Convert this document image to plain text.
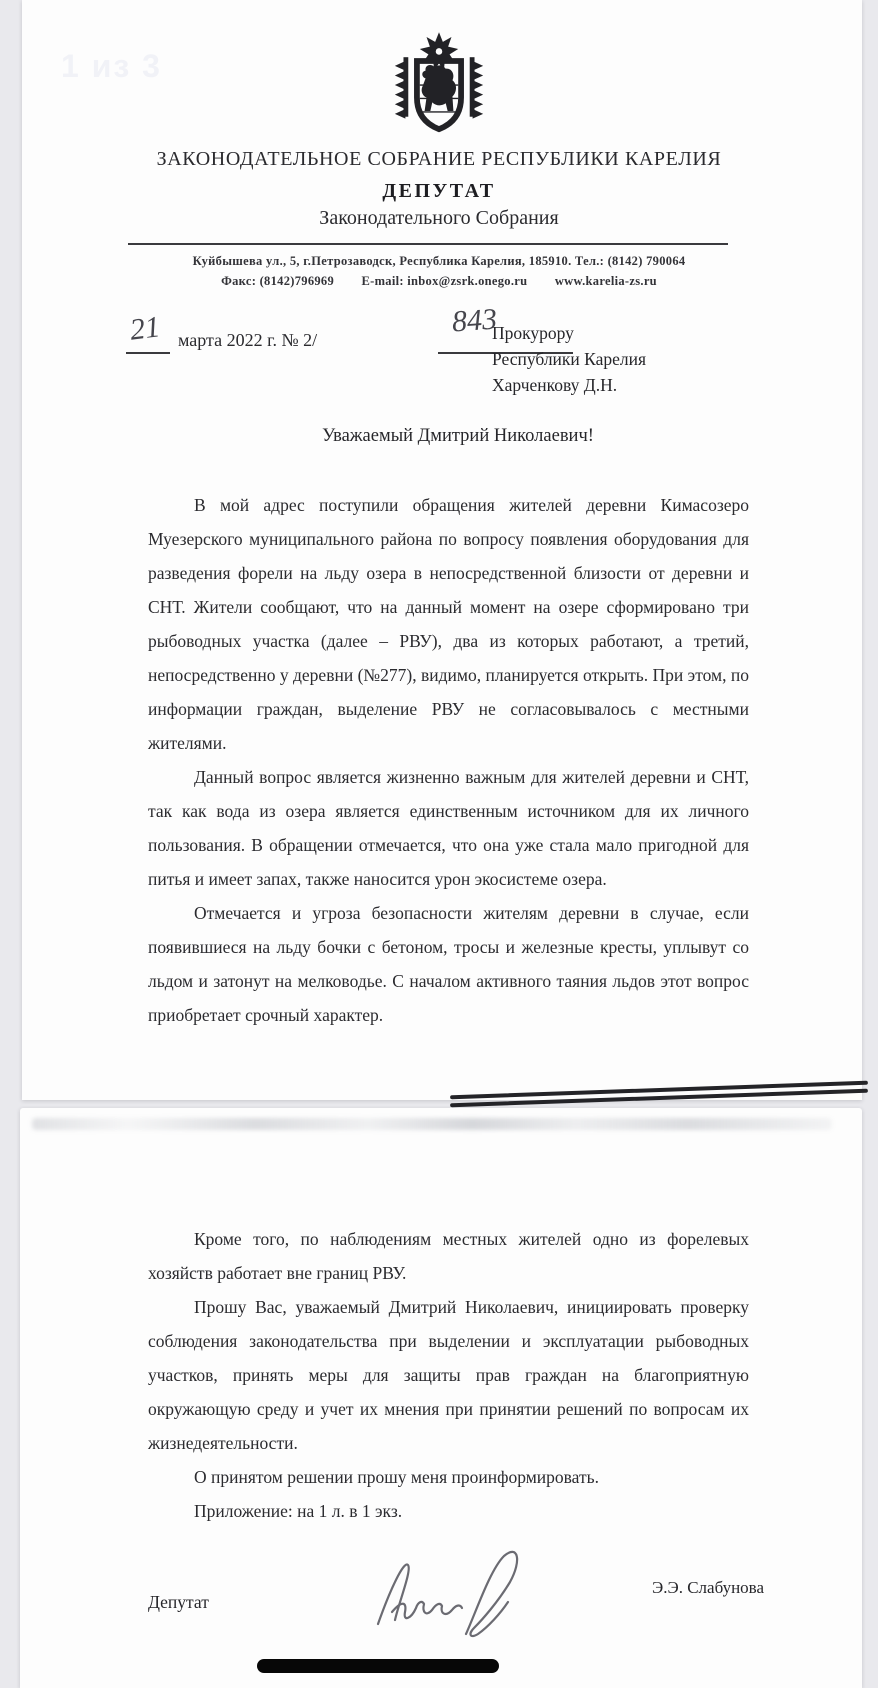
1 из 3
ЗАКОНОДАТЕЛЬНОЕ СОБРАНИЕ РЕСПУБЛИКИ КАРЕЛИЯ
ДЕПУТАТ
Законодательного Собрания
Куйбышева ул., 5, г.Петрозаводск, Республика Карелия, 185910. Тел.: (8142) 790064
Факс: (8142)796969 E-mail: inbox@zsrk.onego.ru www.karelia-zs.ru
21 марта 2022 г. № 2/
843
Прокурору
Республики Карелия
Харченкову Д.Н.
Уважаемый Дмитрий Николаевич!

В мой адрес поступили обращения жителей деревни Кимасозеро Муезерского муниципального района по вопросу появления оборудования для разведения форели на льду озера в непосредственной близости от деревни и СНТ. Жители сообщают, что на данный момент на озере сформировано три рыбоводных участка (далее – РВУ), два из которых работают, а третий, непосредственно у деревни (№277), видимо, планируется открыть. При этом, по информации граждан, выделение РВУ не согласовывалось с местными жителями.

Данный вопрос является жизненно важным для жителей деревни и СНТ, так как вода из озера является единственным источником для их личного пользования. В обращении отмечается, что она уже стала мало пригодной для питья и имеет запах, также наносится урон экосистеме озера.

Отмечается и угроза безопасности жителям деревни в случае, если появившиеся на льду бочки с бетоном, тросы и железные кресты, уплывут со льдом и затонут на мелководье. С началом активного таяния льдов этот вопрос приобретает срочный характер.

Кроме того, по наблюдениям местных жителей одно из форелевых хозяйств работает вне границ РВУ.

Прошу Вас, уважаемый Дмитрий Николаевич, инициировать проверку соблюдения законодательства при выделении и эксплуатации рыбоводных участков, принять меры для защиты прав граждан на благоприятную окружающую среду и учет их мнения при принятии решений по вопросам их жизнедеятельности.

О принятом решении прошу меня проинформировать.

Приложение: на 1 л. в 1 экз.

Депутат
Э.Э. Слабунова
